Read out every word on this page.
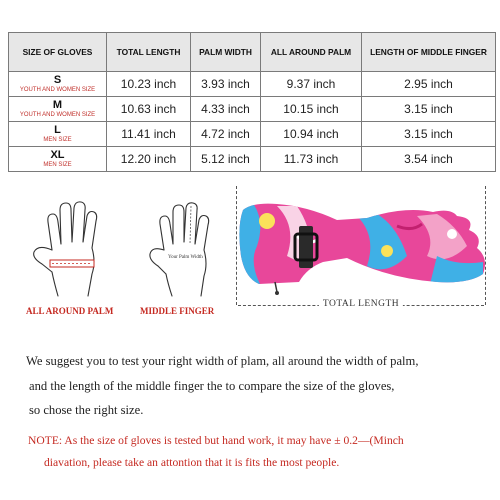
SIZE OF GLOVES	TOTAL LENGTH	PALM WIDTH	ALL AROUND PALM	LENGTH OF MIDDLE FINGER

S
YOUTH AND WOMEN SIZE	10.23 inch	3.93 inch	9.37 inch	2.95 inch

M
YOUTH AND WOMEN SIZE	10.63 inch	4.33 inch	10.15 inch	3.15 inch

L
MEN SIZE	11.41 inch	4.72 inch	10.94 inch	3.15 inch

XL
MEN SIZE	12.20 inch	5.12 inch	11.73 inch	3.54 inch
ALL AROUND PALM
Your Palm Width
MIDDLE FINGER
TOTAL LENGTH

We suggest you to test your right width of plam, all around the width of palm,

and the length of the middle finger the to compare the size of the gloves,

so chose the right size.

NOTE: As the size of gloves is tested but hand work, it may have ± 0.2—(Minch

diavation, please take an attontion that it is fits the most people.
